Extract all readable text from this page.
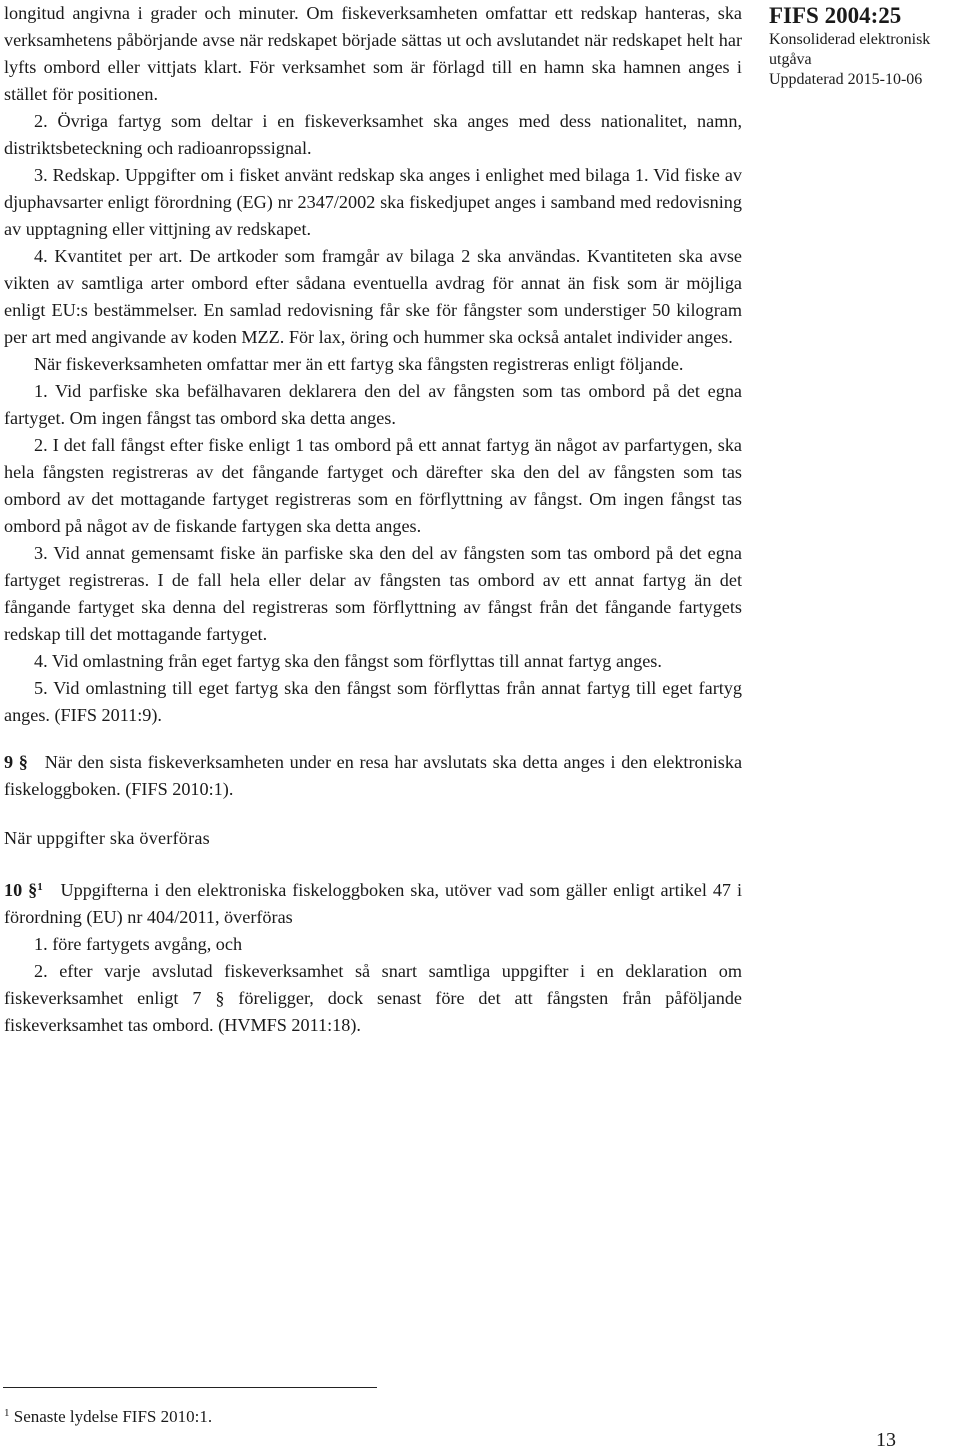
longitud angivna i grader och minuter. Om fiskeverksamheten omfattar ett redskap hanteras, ska verksamhetens påbörjande avse när redskapet började sättas ut och avslutandet när redskapet helt har lyfts ombord eller vittjats klart. För verksamhet som är förlagd till en hamn ska hamnen anges i stället för positionen.

2. Övriga fartyg som deltar i en fiskeverksamhet ska anges med dess nationalitet, namn, distriktsbeteckning och radioanropssignal.

3. Redskap. Uppgifter om i fisket använt redskap ska anges i enlighet med bilaga 1. Vid fiske av djuphavsarter enligt förordning (EG) nr 2347/2002 ska fiskedjupet anges i samband med redovisning av upptagning eller vittjning av redskapet.

4. Kvantitet per art. De artkoder som framgår av bilaga 2 ska användas. Kvantiteten ska avse vikten av samtliga arter ombord efter sådana eventuella avdrag för annat än fisk som är möjliga enligt EU:s bestämmelser. En samlad redovisning får ske för fångster som understiger 50 kilogram per art med angivande av koden MZZ. För lax, öring och hummer ska också antalet individer anges.

När fiskeverksamheten omfattar mer än ett fartyg ska fångsten registreras enligt följande.

1. Vid parfiske ska befälhavaren deklarera den del av fångsten som tas ombord på det egna fartyget. Om ingen fångst tas ombord ska detta anges.

2. I det fall fångst efter fiske enligt 1 tas ombord på ett annat fartyg än något av parfartygen, ska hela fångsten registreras av det fångande fartyget och därefter ska den del av fångsten som tas ombord av det mottagande fartyget registreras som en förflyttning av fångst. Om ingen fångst tas ombord på något av de fiskande fartygen ska detta anges.

3. Vid annat gemensamt fiske än parfiske ska den del av fångsten som tas ombord på det egna fartyget registreras. I de fall hela eller delar av fångsten tas ombord av ett annat fartyg än det fångande fartyget ska denna del registreras som förflyttning av fångst från det fångande fartygets redskap till det mottagande fartyget.

4. Vid omlastning från eget fartyg ska den fångst som förflyttas till annat fartyg anges.

5. Vid omlastning till eget fartyg ska den fångst som förflyttas från annat fartyg till eget fartyg anges. (FIFS 2011:9).

9 § När den sista fiskeverksamheten under en resa har avslutats ska detta anges i den elektroniska fiskeloggboken. (FIFS 2010:1).

När uppgifter ska överföras

10 §$^1$ Uppgifterna i den elektroniska fiskeloggboken ska, utöver vad som gäller enligt artikel 47 i förordning (EU) nr 404/2011, överföras

1. före fartygets avgång, och

2. efter varje avslutad fiskeverksamhet så snart samtliga uppgifter i en deklaration om fiskeverksamhet enligt 7 § föreligger, dock senast före det att fångsten från påföljande fiskeverksamhet tas ombord. (HVMFS 2011:18).

FIFS 2004:25
Konsoliderad elektronisk
utgåva
Uppdaterad 2015-10-06
$^1$ Senaste lydelse FIFS 2010:1.
13
